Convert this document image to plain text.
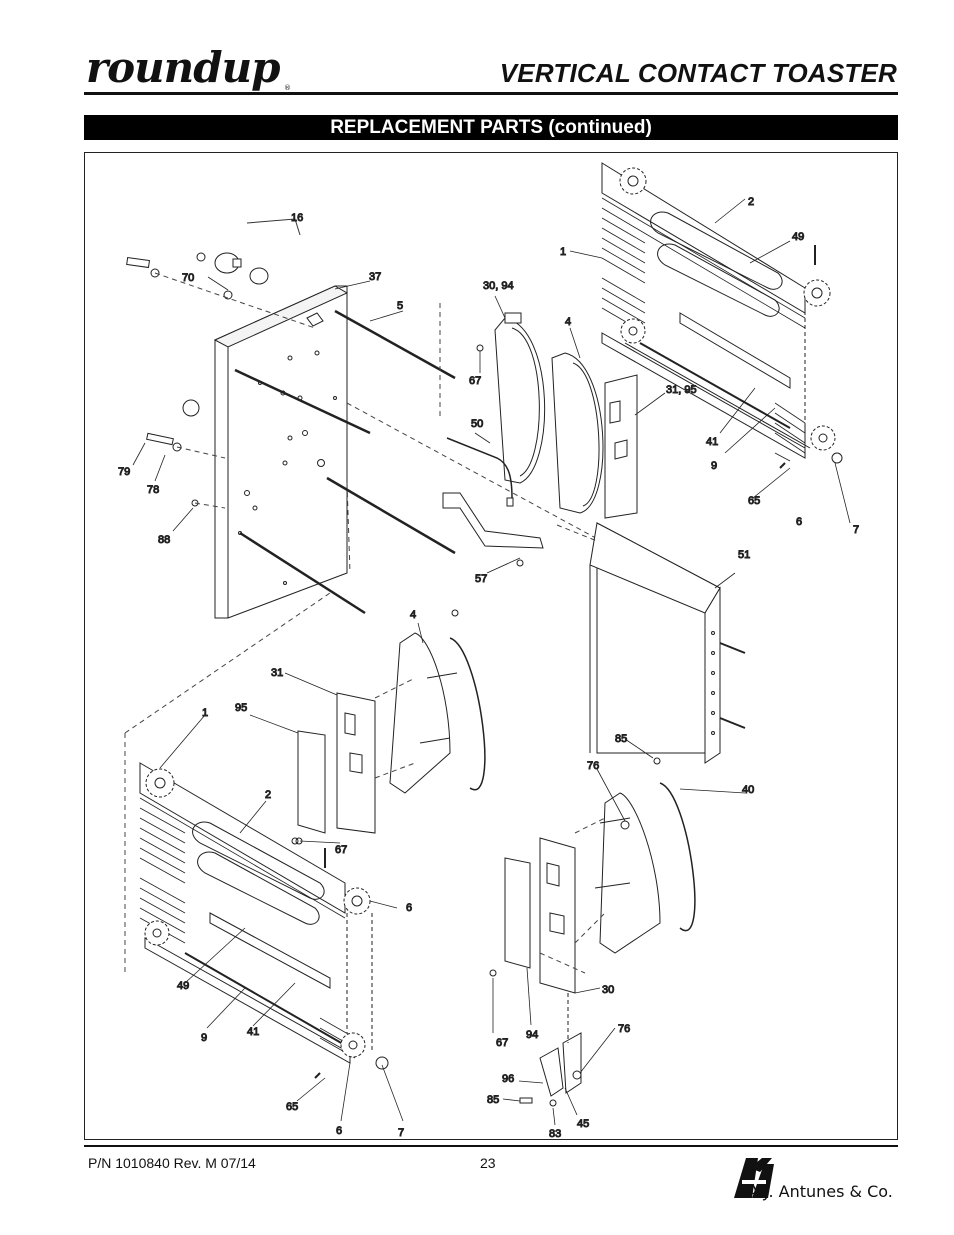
roundup ®	VERTICAL CONTACT TOASTER
REPLACEMENT PARTS (continued)
16
70	37
5
30, 94
67
4
50
31, 95
41
9
65
6
7
2
49
1
79
78
88
57
51
4
31
95
1
2
67
6
49
9	41
65
6	7
85
76
40
30
67
94	76
96
85
83
45
P/N 1010840 Rev. M 07/14	23
A.J. Antunes & Co.
